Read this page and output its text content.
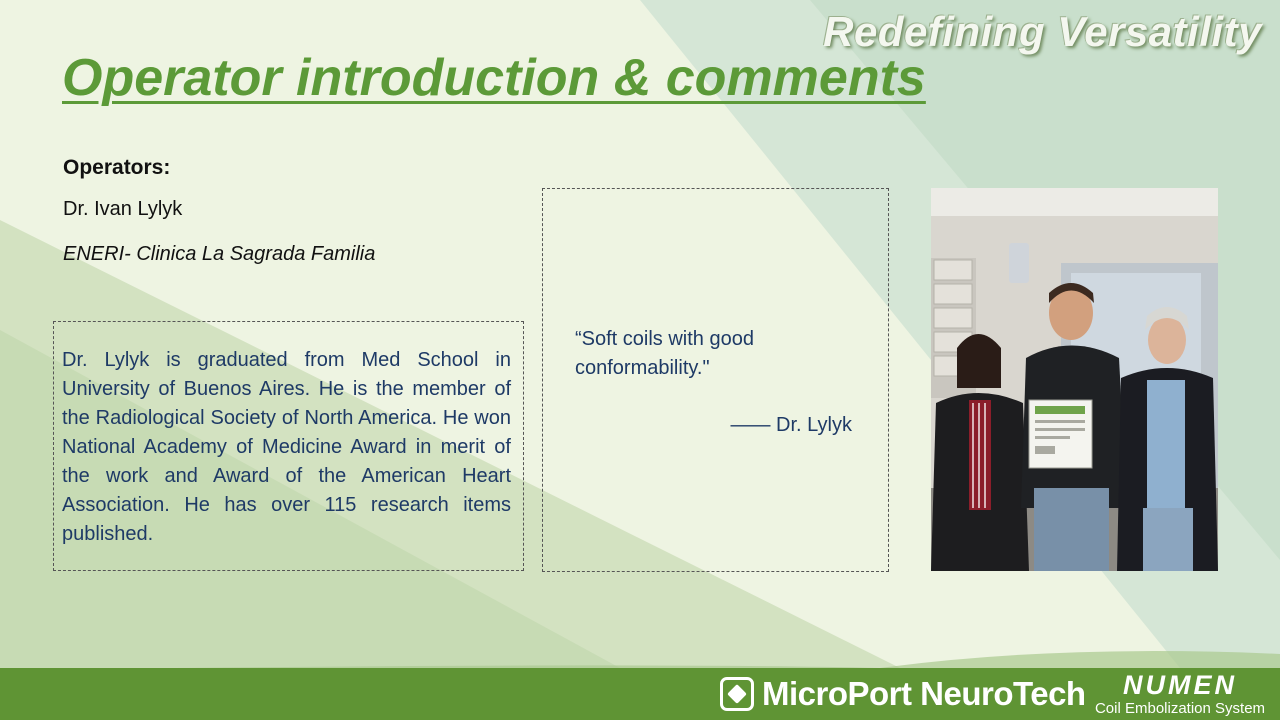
Redefining Versatility
Operator introduction & comments
Operators:
Dr. Ivan Lylyk
ENERI- Clinica La Sagrada Familia

Dr. Lylyk is graduated from Med School in University of Buenos Aires. He is the member of the Radiological Society of North America. He won National Academy of Medicine Award in merit of the work and Award of the American Heart Association. He has over 115 research items published.

“Soft coils with good conformability."

—— Dr. Lylyk
MicroPort NeuroTech	NUMEN
Coil Embolization System
